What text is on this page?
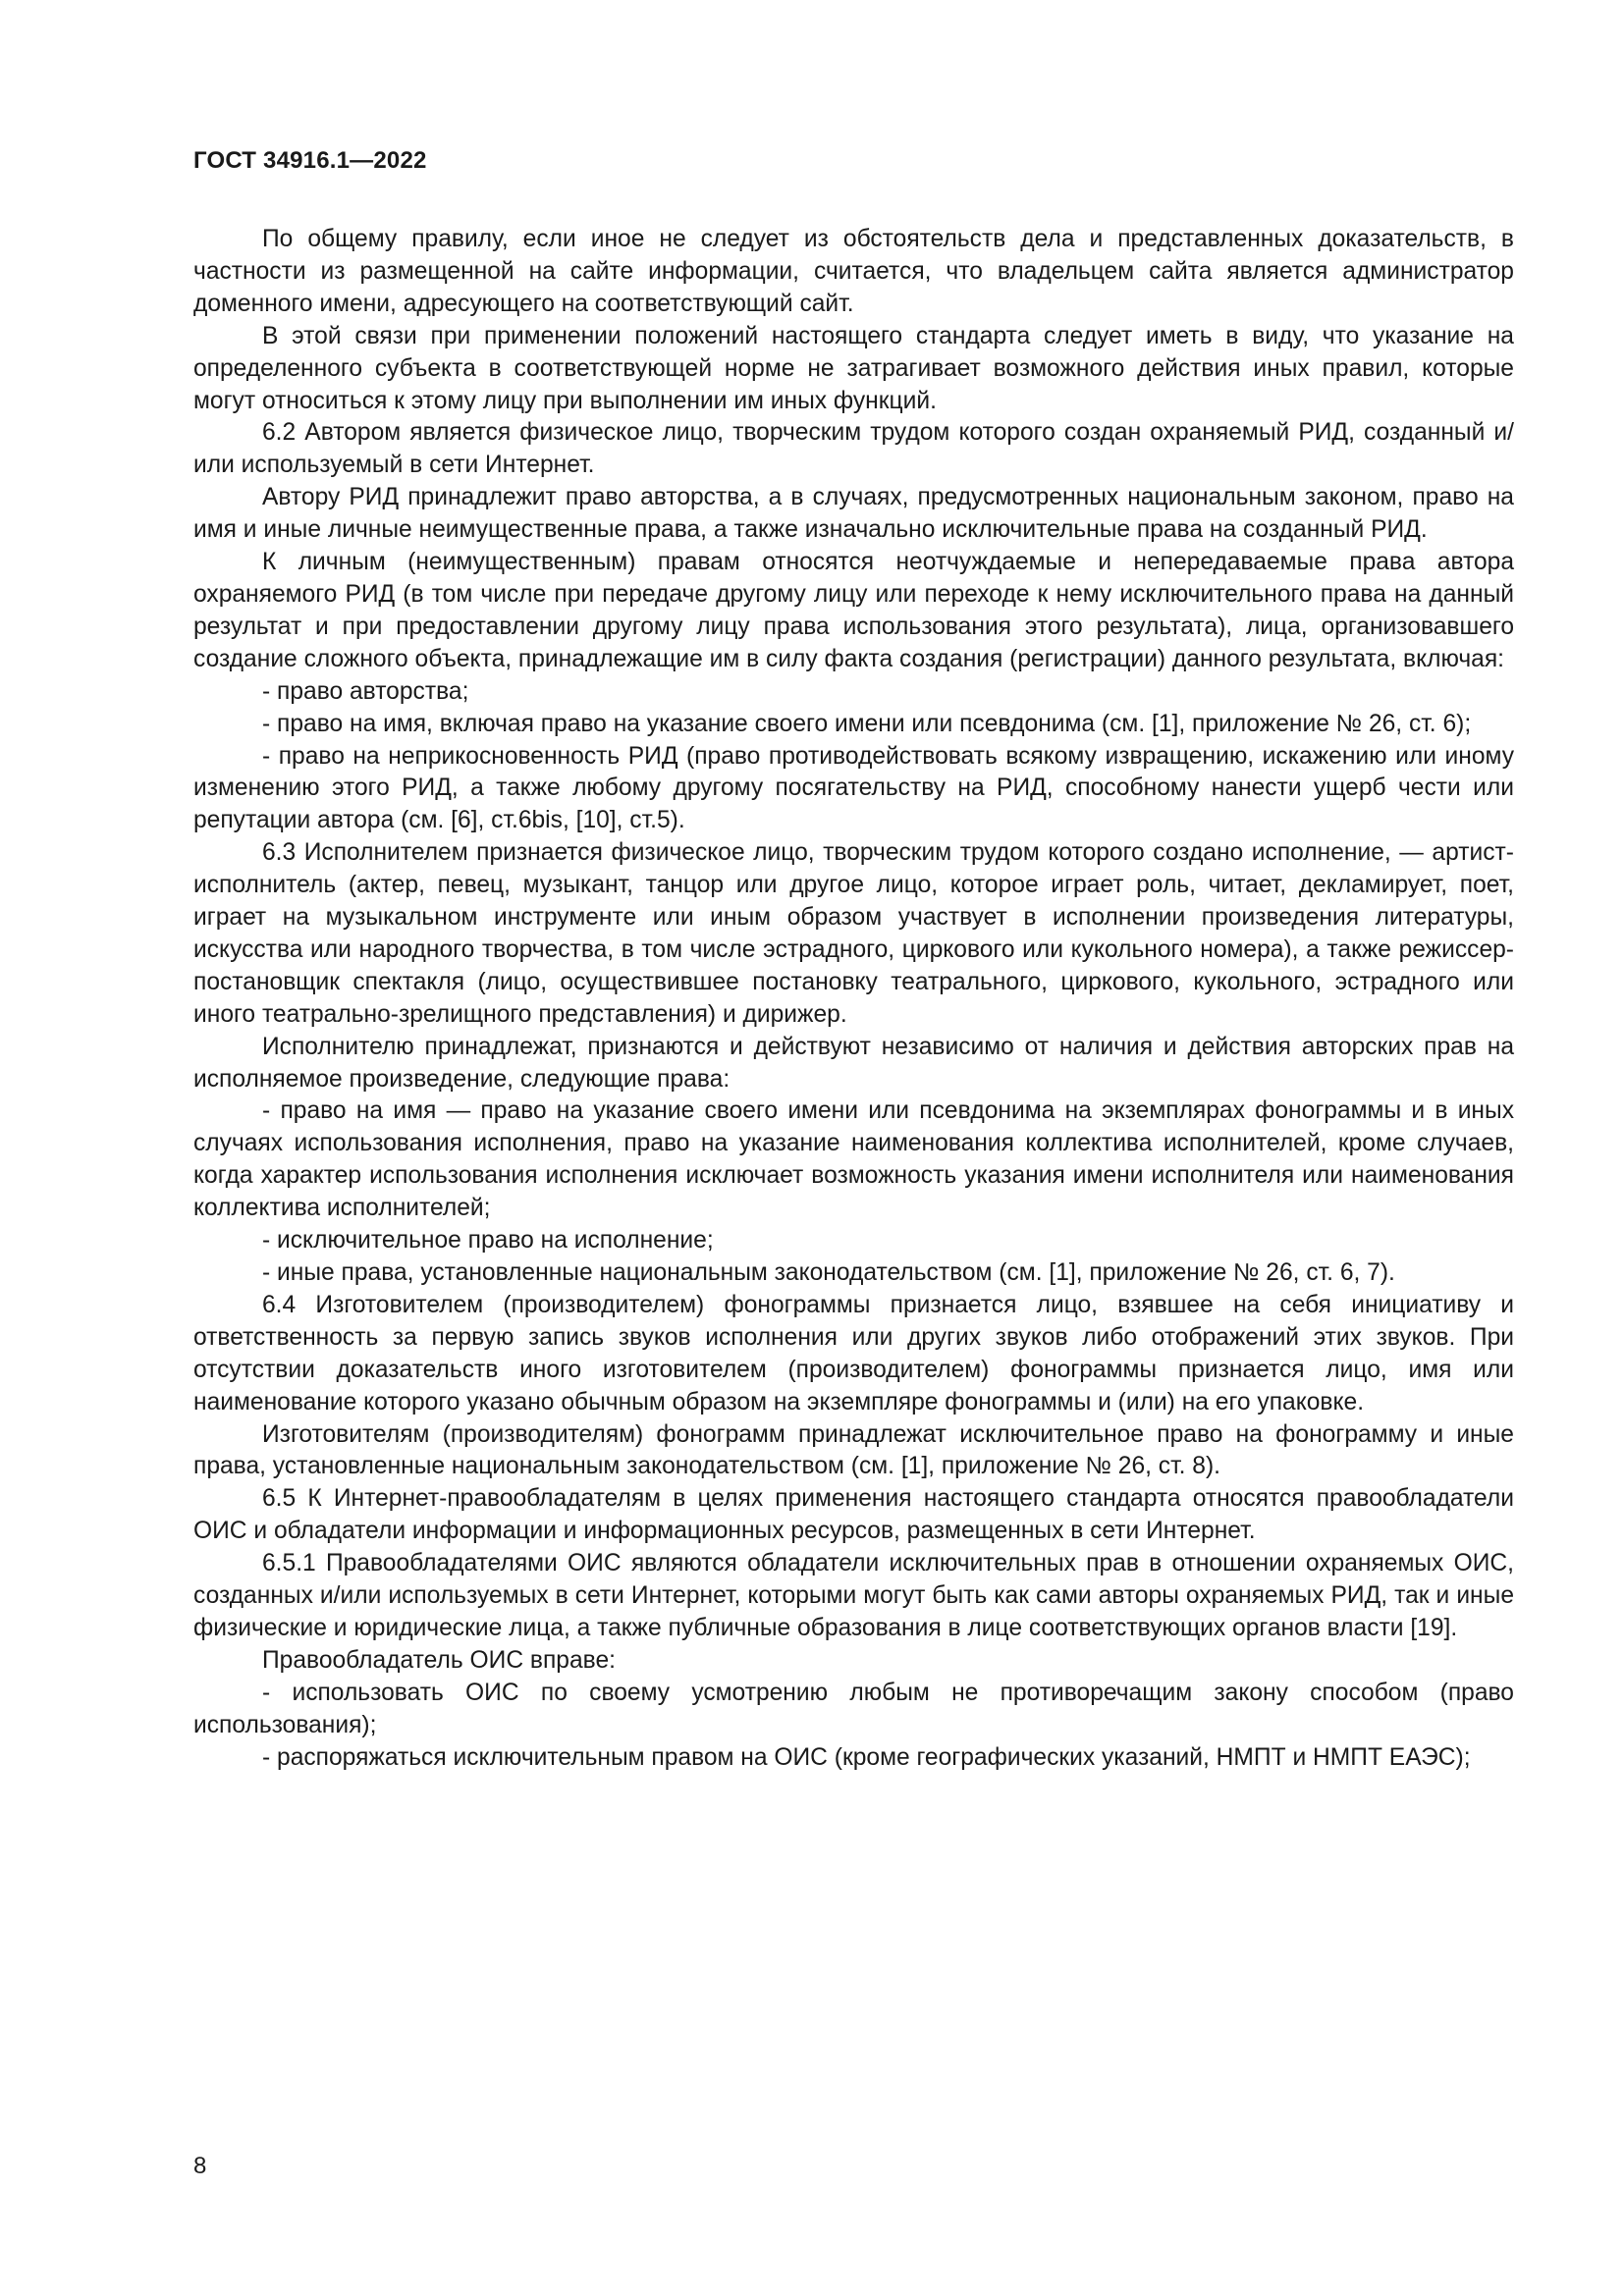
ГОСТ 34916.1—2022

По общему правилу, если иное не следует из обстоятельств дела и представленных доказательств, в частности из размещенной на сайте информации, считается, что владельцем сайта является администратор доменного имени, адресующего на соответствующий сайт.

В этой связи при применении положений настоящего стандарта следует иметь в виду, что указание на определенного субъекта в соответствующей норме не затрагивает возможного действия иных правил, которые могут относиться к этому лицу при выполнении им иных функций.

6.2 Автором является физическое лицо, творческим трудом которого создан охраняемый РИД, созданный и/или используемый в сети Интернет.

Автору РИД принадлежит право авторства, а в случаях, предусмотренных национальным законом, право на имя и иные личные неимущественные права, а также изначально исключительные права на созданный РИД.

К личным (неимущественным) правам относятся неотчуждаемые и непередаваемые права автора охраняемого РИД (в том числе при передаче другому лицу или переходе к нему исключительного права на данный результат и при предоставлении другому лицу права использования этого результата), лица, организовавшего создание сложного объекта, принадлежащие им в силу факта создания (регистрации) данного результата, включая:

- право авторства;

- право на имя, включая право на указание своего имени или псевдонима (см. [1], приложение № 26, ст. 6);

- право на неприкосновенность РИД (право противодействовать всякому извращению, искажению или иному изменению этого РИД, а также любому другому посягательству на РИД, способному нанести ущерб чести или репутации автора (см. [6], ст.6bis, [10], ст.5).

6.3 Исполнителем признается физическое лицо, творческим трудом которого создано исполнение, — артист-исполнитель (актер, певец, музыкант, танцор или другое лицо, которое играет роль, читает, декламирует, поет, играет на музыкальном инструменте или иным образом участвует в исполнении произведения литературы, искусства или народного творчества, в том числе эстрадного, циркового или кукольного номера), а также режиссер-постановщик спектакля (лицо, осуществившее постановку театрального, циркового, кукольного, эстрадного или иного театрально-зрелищного представления) и дирижер.

Исполнителю принадлежат, признаются и действуют независимо от наличия и действия авторских прав на исполняемое произведение, следующие права:

- право на имя — право на указание своего имени или псевдонима на экземплярах фонограммы и в иных случаях использования исполнения, право на указание наименования коллектива исполнителей, кроме случаев, когда характер использования исполнения исключает возможность указания имени исполнителя или наименования коллектива исполнителей;

- исключительное право на исполнение;

- иные права, установленные национальным законодательством (см. [1], приложение № 26, ст. 6, 7).

6.4 Изготовителем (производителем) фонограммы признается лицо, взявшее на себя инициативу и ответственность за первую запись звуков исполнения или других звуков либо отображений этих звуков. При отсутствии доказательств иного изготовителем (производителем) фонограммы признается лицо, имя или наименование которого указано обычным образом на экземпляре фонограммы и (или) на его упаковке.

Изготовителям (производителям) фонограмм принадлежат исключительное право на фонограмму и иные права, установленные национальным законодательством (см. [1], приложение № 26, ст. 8).

6.5 К Интернет-правообладателям в целях применения настоящего стандарта относятся правообладатели ОИС и обладатели информации и информационных ресурсов, размещенных в сети Интернет.

6.5.1 Правообладателями ОИС являются обладатели исключительных прав в отношении охраняемых ОИС, созданных и/или используемых в сети Интернет, которыми могут быть как сами авторы охраняемых РИД, так и иные физические и юридические лица, а также публичные образования в лице соответствующих органов власти [19].

Правообладатель ОИС вправе:

- использовать ОИС по своему усмотрению любым не противоречащим закону способом (право использования);

- распоряжаться исключительным правом на ОИС (кроме географических указаний, НМПТ и НМПТ ЕАЭС);

8
